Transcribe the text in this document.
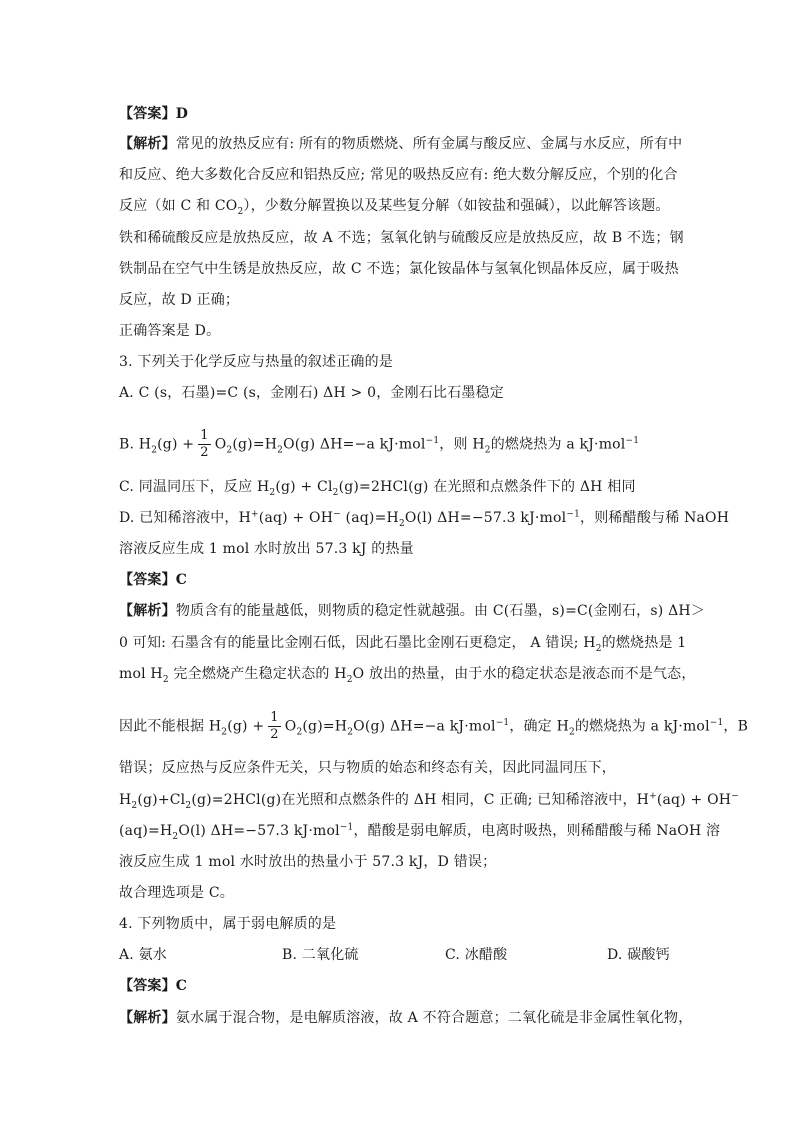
【答案】D
【解析】常见的放热反应有: 所有的物质燃烧、所有金属与酸反应、金属与水反应，所有中
和反应、绝大多数化合反应和铝热反应; 常见的吸热反应有: 绝大数分解反应，个别的化合
反应（如 C 和 $CO_2$），少数分解置换以及某些复分解（如铵盐和强碱），以此解答该题。
铁和稀硫酸反应是放热反应，故 A 不选；氢氧化钠与硫酸反应是放热反应，故 B 不选；钢
铁制品在空气中生锈是放热反应，故 C 不选；氯化铵晶体与氢氧化钡晶体反应，属于吸热
反应，故 D 正确；
正确答案是 D。
3. 下列关于化学反应与热量的叙述正确的是
A. C (s，石墨)=C (s，金刚石) ΔH > 0，金刚石比石墨稳定
B. $H_2(g) + \frac{1}{2} O_2(g)=H_2O(g)$ ΔH=−a kJ·mol$^{-1}$，则 $H_2$的燃烧热为 a kJ·mol$^{-1}$
C. 同温同压下，反应 $H_2(g) + Cl_2(g)=2HCl(g)$ 在光照和点燃条件下的 ΔH 相同
D. 已知稀溶液中，H+(aq) + OH− $(aq)=H_2O(l)$ ΔH=−57.3 kJ·mol$^{-1}$，则稀醋酸与稀 NaOH
溶液反应生成 1 mol 水时放出 57.3 kJ 的热量
【答案】C
【解析】物质含有的能量越低，则物质的稳定性就越强。由 C(石墨，s)=C(金刚石，s) ΔH＞
0 可知: 石墨含有的能量比金刚石低，因此石墨比金刚石更稳定， A 错误; $H_2$的燃烧热是 1
mol $H_2$ 完全燃烧产生稳定状态的 $H_2O$ 放出的热量，由于水的稳定状态是液态而不是气态，
因此不能根据 $H_2(g) + \frac{1}{2} O_2(g)=H_2O(g)$ ΔH=−a kJ·mol$^{-1}$，确定 $H_2$的燃烧热为 a kJ·mol$^{-1}$，B
错误；反应热与反应条件无关，只与物质的始态和终态有关，因此同温同压下，
$H_2(g)+Cl_2(g)=2HCl(g)$在光照和点燃条件的 ΔH 相同，C 正确; 已知稀溶液中，H+(aq) + OH−
$(aq)=H_2O(l)$ ΔH=−57.3 kJ·mol$^{-1}$，醋酸是弱电解质，电离时吸热，则稀醋酸与稀 NaOH 溶
液反应生成 1 mol 水时放出的热量小于 57.3 kJ，D 错误；
故合理选项是 C。
4. 下列物质中，属于弱电解质的是
A. 氨水	B. 二氧化硫	C. 冰醋酸	D. 碳酸钙
【答案】C
【解析】氨水属于混合物，是电解质溶液，故 A 不符合题意；二氧化硫是非金属性氧化物，
